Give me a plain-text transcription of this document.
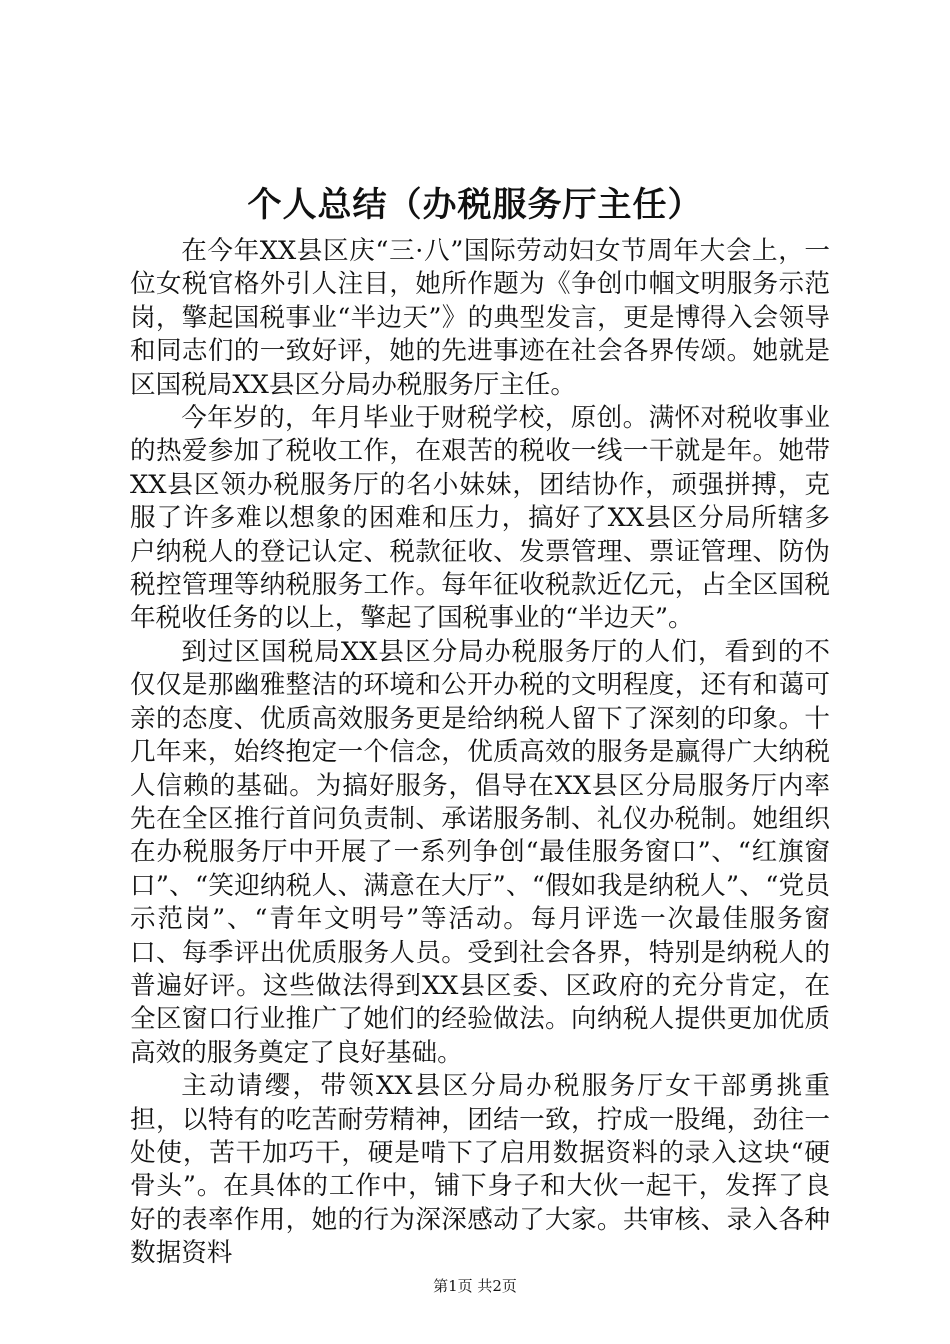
个人总结（办税服务厅主任）

在今年XX县区庆“三·八”国际劳动妇女节周年大会上，一位女税官格外引人注目，她所作题为《争创巾帼文明服务示范岗，擎起国税事业“半边天”》的典型发言，更是博得入会领导和同志们的一致好评，她的先进事迹在社会各界传颂。她就是区国税局XX县区分局办税服务厅主任。

今年岁的，年月毕业于财税学校，原创。满怀对税收事业的热爱参加了税收工作，在艰苦的税收一线一干就是年。她带XX县区领办税服务厅的名小妹妹，团结协作，顽强拼搏，克服了许多难以想象的困难和压力，搞好了XX县区分局所辖多户纳税人的登记认定、税款征收、发票管理、票证管理、防伪税控管理等纳税服务工作。每年征收税款近亿元，占全区国税年税收任务的以上，擎起了国税事业的“半边天”。

到过区国税局XX县区分局办税服务厅的人们，看到的不仅仅是那幽雅整洁的环境和公开办税的文明程度，还有和蔼可亲的态度、优质高效服务更是给纳税人留下了深刻的印象。十几年来，始终抱定一个信念，优质高效的服务是赢得广大纳税人信赖的基础。为搞好服务，倡导在XX县区分局服务厅内率先在全区推行首问负责制、承诺服务制、礼仪办税制。她组织在办税服务厅中开展了一系列争创“最佳服务窗口”、“红旗窗口”、“笑迎纳税人、满意在大厅”、“假如我是纳税人”、“党员示范岗”、“青年文明号”等活动。每月评选一次最佳服务窗口、每季评出优质服务人员。受到社会各界，特别是纳税人的普遍好评。这些做法得到XX县区委、区政府的充分肯定，在全区窗口行业推广了她们的经验做法。向纳税人提供更加优质高效的服务奠定了良好基础。

主动请缨，带领XX县区分局办税服务厅女干部勇挑重担，以特有的吃苦耐劳精神，团结一致，拧成一股绳，劲往一处使，苦干加巧干，硬是啃下了启用数据资料的录入这块“硬骨头”。在具体的工作中，铺下身子和大伙一起干，发挥了良好的表率作用，她的行为深深感动了大家。共审核、录入各种数据资料

第1页 共2页
